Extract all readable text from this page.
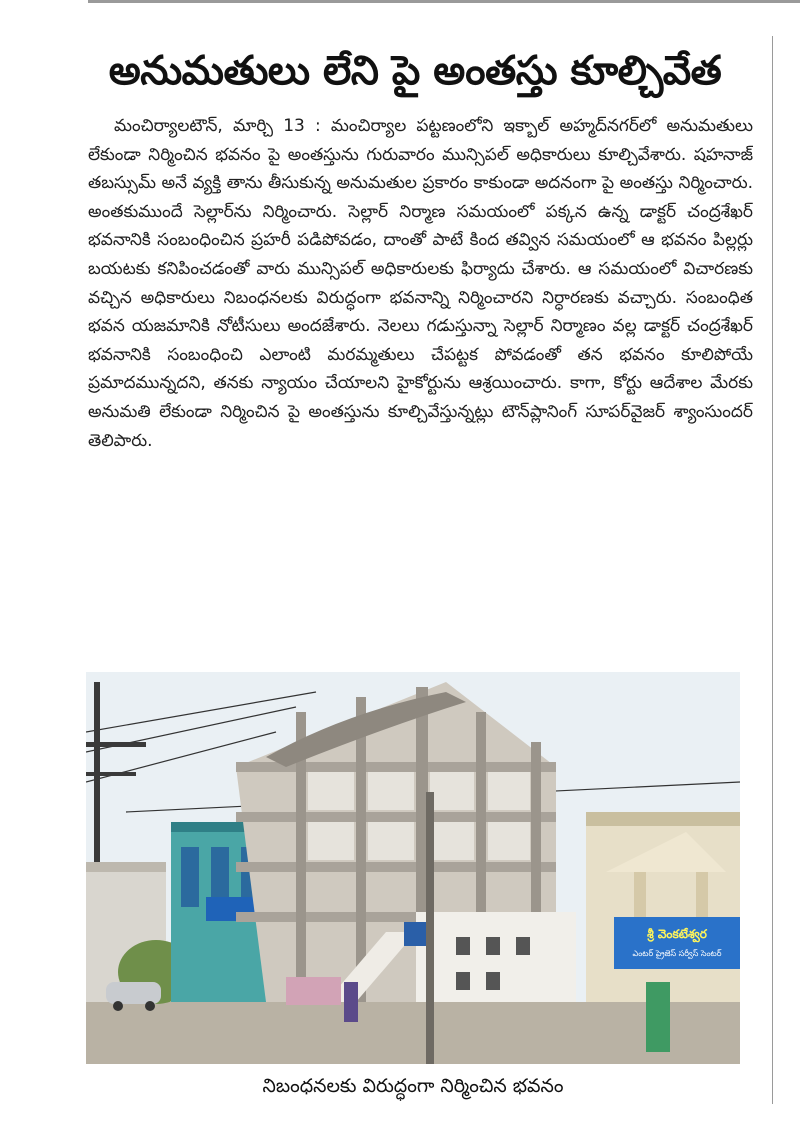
అనుమతులు లేని పై అంతస్తు కూల్చివేత
మంచిర్యాలటౌన్, మార్చి 13 : మంచిర్యాల పట్టణంలోని ఇక్బాల్ అహ్మద్‌నగర్‌లో అనుమతులు లేకుండా నిర్మించిన భవనం పై అంతస్తును గురువారం మున్సిపల్ అధికారులు కూల్చివేశారు. షహనాజ్ తబస్సుమ్ అనే వ్యక్తి తాను తీసుకున్న అనుమతుల ప్రకారం కాకుండా అదనంగా పై అంతస్తు నిర్మించారు. అంతకుముందే సెల్లార్‌ను నిర్మించారు. సెల్లార్ నిర్మాణ సమయంలో పక్కన ఉన్న డాక్టర్ చంద్రశేఖర్ భవనానికి సంబంధించిన ప్రహరీ పడిపోవడం, దాంతో పాటే కింద తవ్విన సమయంలో ఆ భవనం పిల్లర్లు బయటకు కనిపించడంతో వారు మున్సిపల్ అధికారులకు ఫిర్యాదు చేశారు. ఆ సమయంలో విచారణకు వచ్చిన అధికారులు నిబంధనలకు విరుద్ధంగా భవనాన్ని నిర్మించారని నిర్ధారణకు వచ్చారు. సంబంధిత భవన యజమానికి నోటీసులు అందజేశారు. నెలలు గడుస్తున్నా సెల్లార్ నిర్మాణం వల్ల డాక్టర్ చంద్రశేఖర్ భవనానికి సంబంధించి ఎలాంటి మరమ్మతులు చేపట్టక పోవడంతో తన భవనం కూలిపోయే ప్రమాదమున్నదని, తనకు న్యాయం చేయాలని హైకోర్టును ఆశ్రయించారు. కాగా, కోర్టు ఆదేశాల మేరకు అనుమతి లేకుండా నిర్మించిన పై అంతస్తును కూల్చివేస్తున్నట్లు టౌన్‌ప్లానింగ్ సూపర్‌వైజర్ శ్యాంసుందర్ తెలిపారు.
శ్రీ వెంకటేశ్వర
ఎంటర్ ప్రైజెస్ సర్వీస్ సెంటర్
నిబంధనలకు విరుద్ధంగా నిర్మించిన భవనం
